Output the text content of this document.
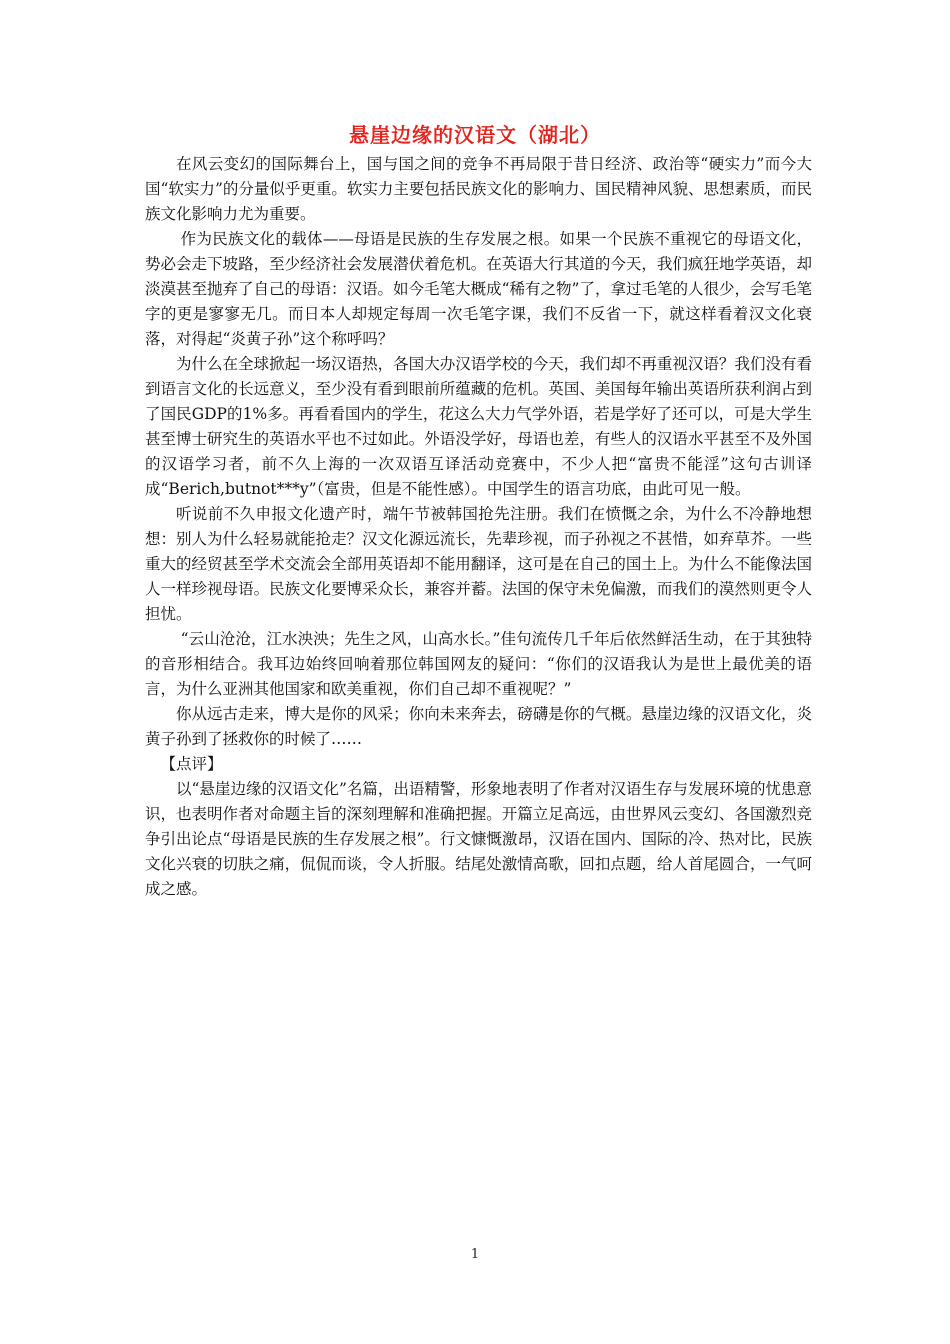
悬崖边缘的汉语文（湖北）

在风云变幻的国际舞台上，国与国之间的竞争不再局限于昔日经济、政治等“硬实力”而今大国“软实力”的分量似乎更重。软实力主要包括民族文化的影响力、国民精神风貌、思想素质，而民族文化影响力尤为重要。

作为民族文化的载体——母语是民族的生存发展之根。如果一个民族不重视它的母语文化，势必会走下坡路，至少经济社会发展潜伏着危机。在英语大行其道的今天，我们疯狂地学英语，却淡漠甚至抛弃了自己的母语：汉语。如今毛笔大概成“稀有之物”了，拿过毛笔的人很少，会写毛笔字的更是寥寥无几。而日本人却规定每周一次毛笔字课，我们不反省一下，就这样看着汉文化衰落，对得起“炎黄子孙”这个称呼吗？

为什么在全球掀起一场汉语热，各国大办汉语学校的今天，我们却不再重视汉语？我们没有看到语言文化的长远意义，至少没有看到眼前所蕴藏的危机。英国、美国每年输出英语所获利润占到了国民GDP的1%多。再看看国内的学生，花这么大力气学外语，若是学好了还可以，可是大学生甚至博士研究生的英语水平也不过如此。外语没学好，母语也差，有些人的汉语水平甚至不及外国的汉语学习者，前不久上海的一次双语互译活动竞赛中，不少人把“富贵不能淫”这句古训译成“Berich,butnot***y”（富贵，但是不能性感）。中国学生的语言功底，由此可见一般。

听说前不久申报文化遗产时，端午节被韩国抢先注册。我们在愤慨之余，为什么不冷静地想想：别人为什么轻易就能抢走？汉文化源远流长，先辈珍视，而子孙视之不甚惜，如弃草芥。一些重大的经贸甚至学术交流会全部用英语却不能用翻译，这可是在自己的国土上。为什么不能像法国人一样珍视母语。民族文化要博采众长，兼容并蓄。法国的保守未免偏激，而我们的漠然则更令人担忧。

“云山沧沧，江水泱泱；先生之风，山高水长。”佳句流传几千年后依然鲜活生动，在于其独特的音形相结合。我耳边始终回响着那位韩国网友的疑问：“你们的汉语我认为是世上最优美的语言，为什么亚洲其他国家和欧美重视，你们自己却不重视呢？”

你从远古走来，博大是你的风采；你向未来奔去，磅礴是你的气概。悬崖边缘的汉语文化，炎黄子孙到了拯救你的时候了……

【点评】

以“悬崖边缘的汉语文化”名篇，出语精警，形象地表明了作者对汉语生存与发展环境的忧患意识，也表明作者对命题主旨的深刻理解和准确把握。开篇立足高远，由世界风云变幻、各国激烈竞争引出论点“母语是民族的生存发展之根”。行文慷慨激昂，汉语在国内、国际的冷、热对比，民族文化兴衰的切肤之痛，侃侃而谈，令人折服。结尾处激情高歌，回扣点题，给人首尾圆合，一气呵成之感。

1
